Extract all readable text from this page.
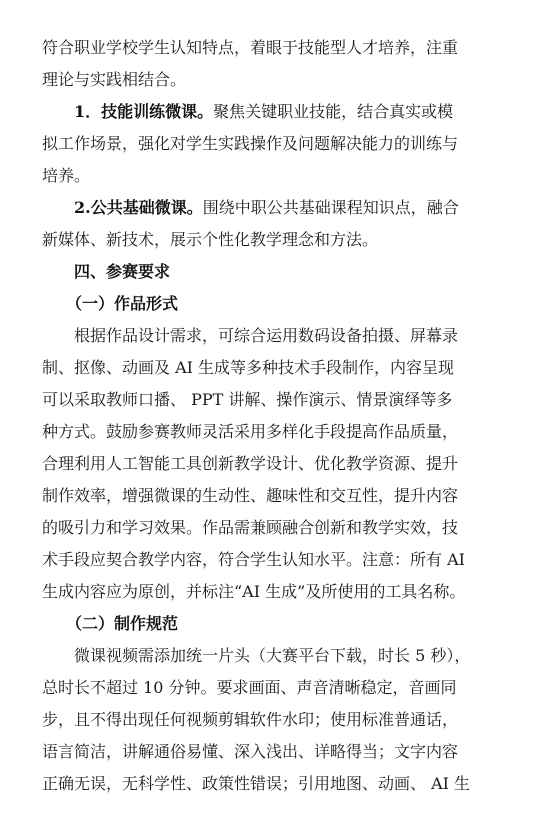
符合职业学校学生认知特点，着眼于技能型人才培养，注重
理论与实践相结合。
1．技能训练微课。聚焦关键职业技能，结合真实或模
拟工作场景，强化对学生实践操作及问题解决能力的训练与
培养。
2.公共基础微课。围绕中职公共基础课程知识点，融合
新媒体、新技术，展示个性化教学理念和方法。
四、参赛要求
（一）作品形式
根据作品设计需求，可综合运用数码设备拍摄、屏幕录
制、抠像、动画及 AI 生成等多种技术手段制作，内容呈现
可以采取教师口播、 PPT 讲解、操作演示、情景演绎等多
种方式。鼓励参赛教师灵活采用多样化手段提高作品质量，
合理利用人工智能工具创新教学设计、优化教学资源、提升
制作效率，增强微课的生动性、趣味性和交互性，提升内容
的吸引力和学习效果。作品需兼顾融合创新和教学实效，技
术手段应契合教学内容，符合学生认知水平。注意：所有 AI
生成内容应为原创，并标注“AI 生成”及所使用的工具名称。
（二）制作规范
微课视频需添加统一片头（大赛平台下载，时长 5 秒），
总时长不超过 10 分钟。要求画面、声音清晰稳定，音画同
步，且不得出现任何视频剪辑软件水印；使用标准普通话，
语言简洁，讲解通俗易懂、深入浅出、详略得当；文字内容
正确无误，无科学性、政策性错误；引用地图、动画、 AI 生
